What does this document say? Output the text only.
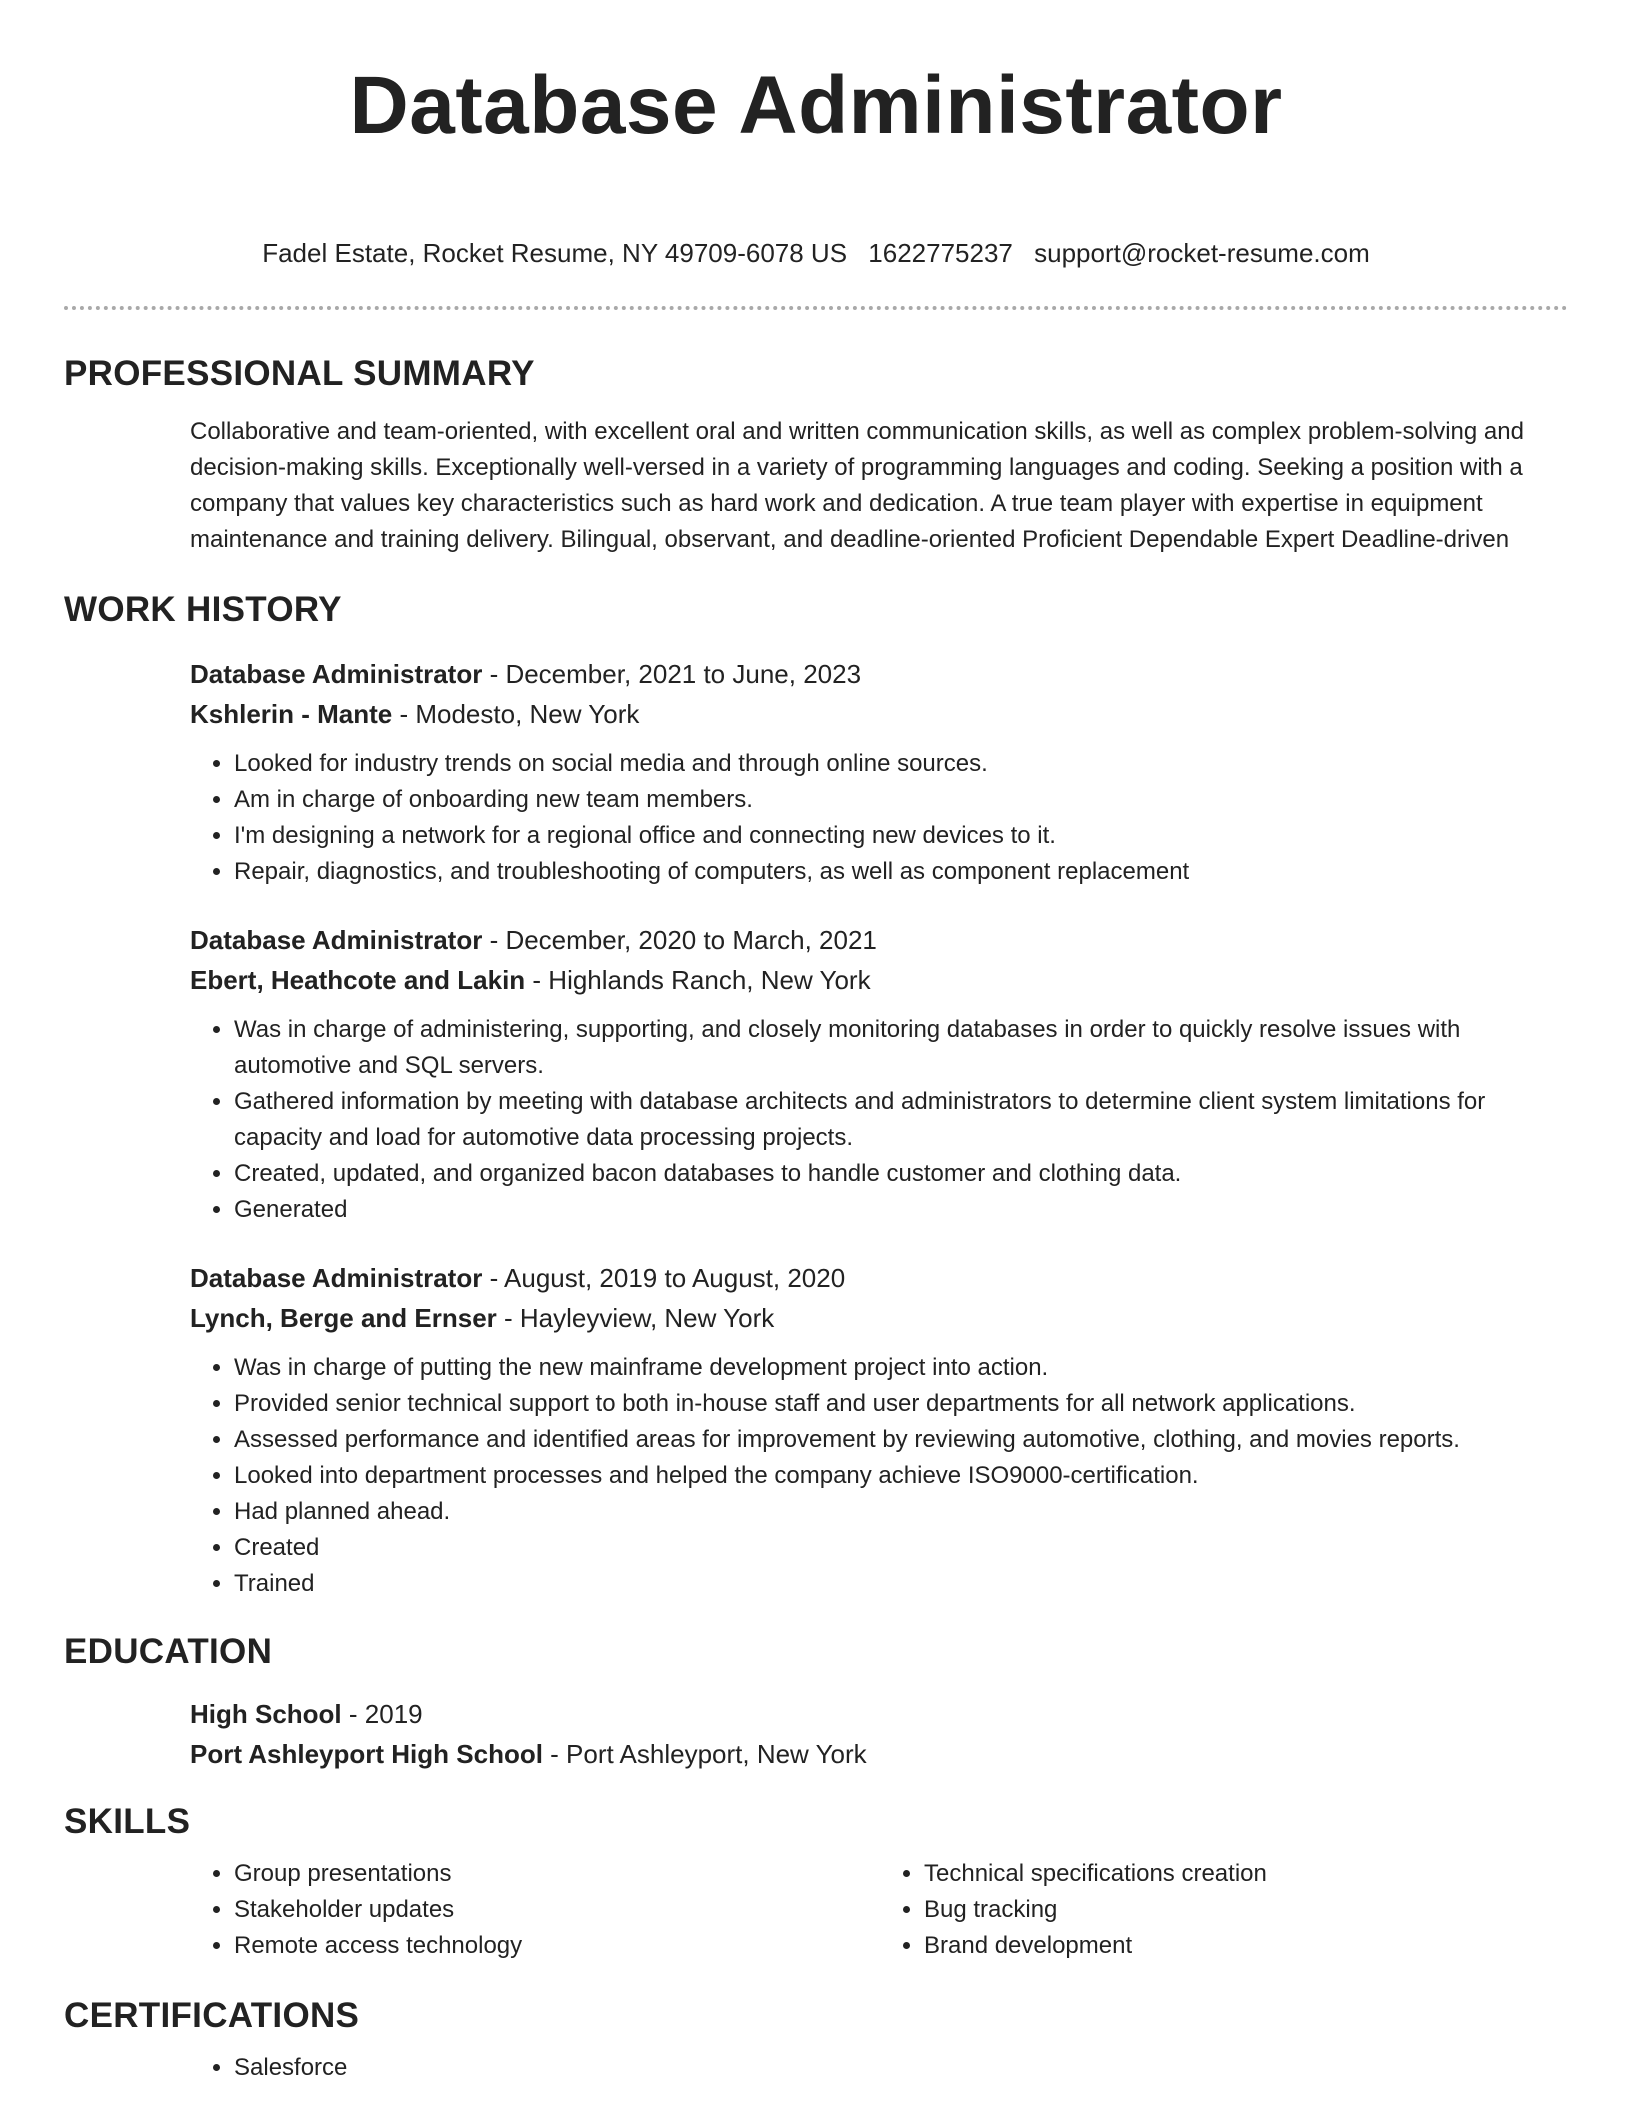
Database Administrator
Fadel Estate, Rocket Resume, NY 49709-6078 US 1622775237 support@rocket-resume.com
PROFESSIONAL SUMMARY
Collaborative and team-oriented, with excellent oral and written communication skills, as well as complex problem-solving and decision-making skills. Exceptionally well-versed in a variety of programming languages and coding. Seeking a position with a company that values key characteristics such as hard work and dedication. A true team player with expertise in equipment maintenance and training delivery. Bilingual, observant, and deadline-oriented Proficient Dependable Expert Deadline-driven
WORK HISTORY
Database Administrator - December, 2021 to June, 2023
Kshlerin - Mante - Modesto, New York
• Looked for industry trends on social media and through online sources.
• Am in charge of onboarding new team members.
• I'm designing a network for a regional office and connecting new devices to it.
• Repair, diagnostics, and troubleshooting of computers, as well as component replacement
Database Administrator - December, 2020 to March, 2021
Ebert, Heathcote and Lakin - Highlands Ranch, New York
• Was in charge of administering, supporting, and closely monitoring databases in order to quickly resolve issues with automotive and SQL servers.
• Gathered information by meeting with database architects and administrators to determine client system limitations for capacity and load for automotive data processing projects.
• Created, updated, and organized bacon databases to handle customer and clothing data.
• Generated
Database Administrator - August, 2019 to August, 2020
Lynch, Berge and Ernser - Hayleyview, New York
• Was in charge of putting the new mainframe development project into action.
• Provided senior technical support to both in-house staff and user departments for all network applications.
• Assessed performance and identified areas for improvement by reviewing automotive, clothing, and movies reports.
• Looked into department processes and helped the company achieve ISO9000-certification.
• Had planned ahead.
• Created
• Trained
EDUCATION
High School - 2019
Port Ashleyport High School - Port Ashleyport, New York
SKILLS
• Group presentations
• Stakeholder updates
• Remote access technology
• Technical specifications creation
• Bug tracking
• Brand development
CERTIFICATIONS
• Salesforce
